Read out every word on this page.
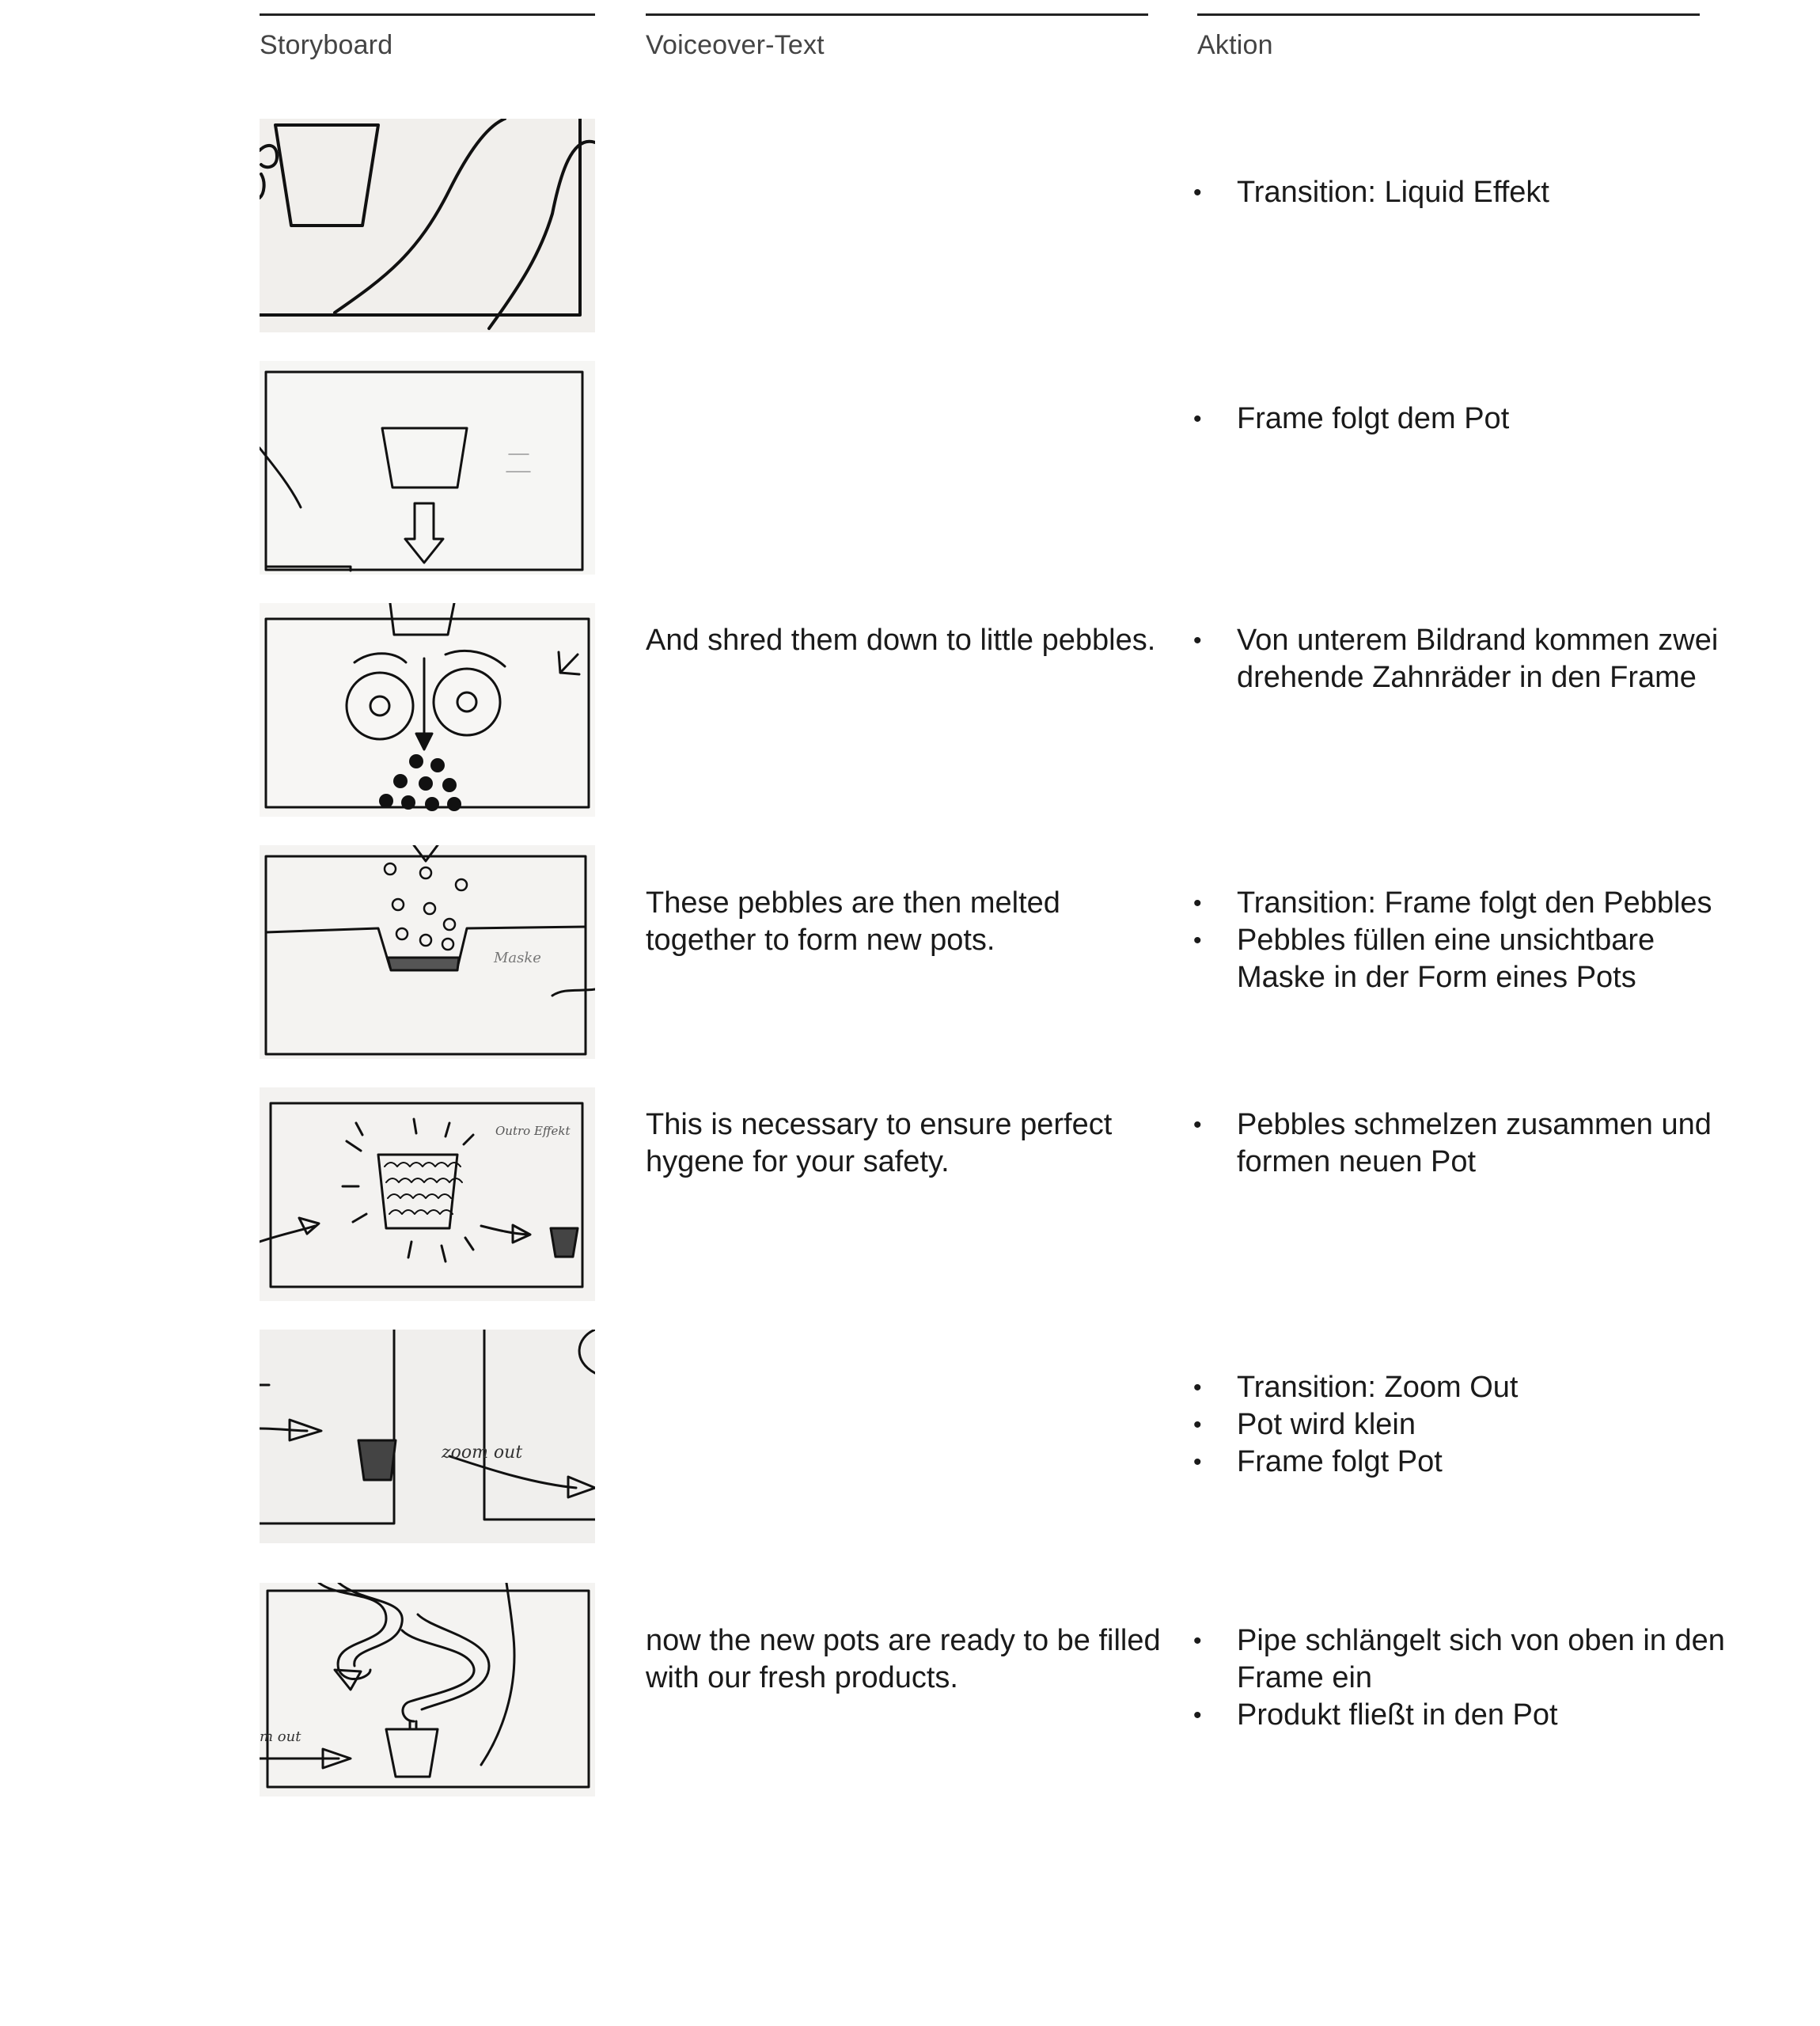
Storyboard	Voiceover-Text	Aktion
• Transition: Liquid Effekt
• Frame folgt dem Pot
And shred them down to little pebbles.
•	Von unterem Bildrand kommen zwei drehende Zahnräder in den Frame
Maske
These pebbles are then melted together to form new pots.
• Transition: Frame folgt den Pebbles
• Pebbles füllen eine unsichtbare Maske in der Form eines Pots
Outro Effekt	This is necessary to ensure perfect hygene for your safety.
• Pebbles schmelzen zusammen und formen neuen Pot
zoom out
• Transition: Zoom Out
• Pot wird klein
• Frame folgt Pot
m out
now the new pots are ready to be filled with our fresh products.
• Pipe schlängelt sich von oben in den Frame ein
• Produkt fließt in den Pot
